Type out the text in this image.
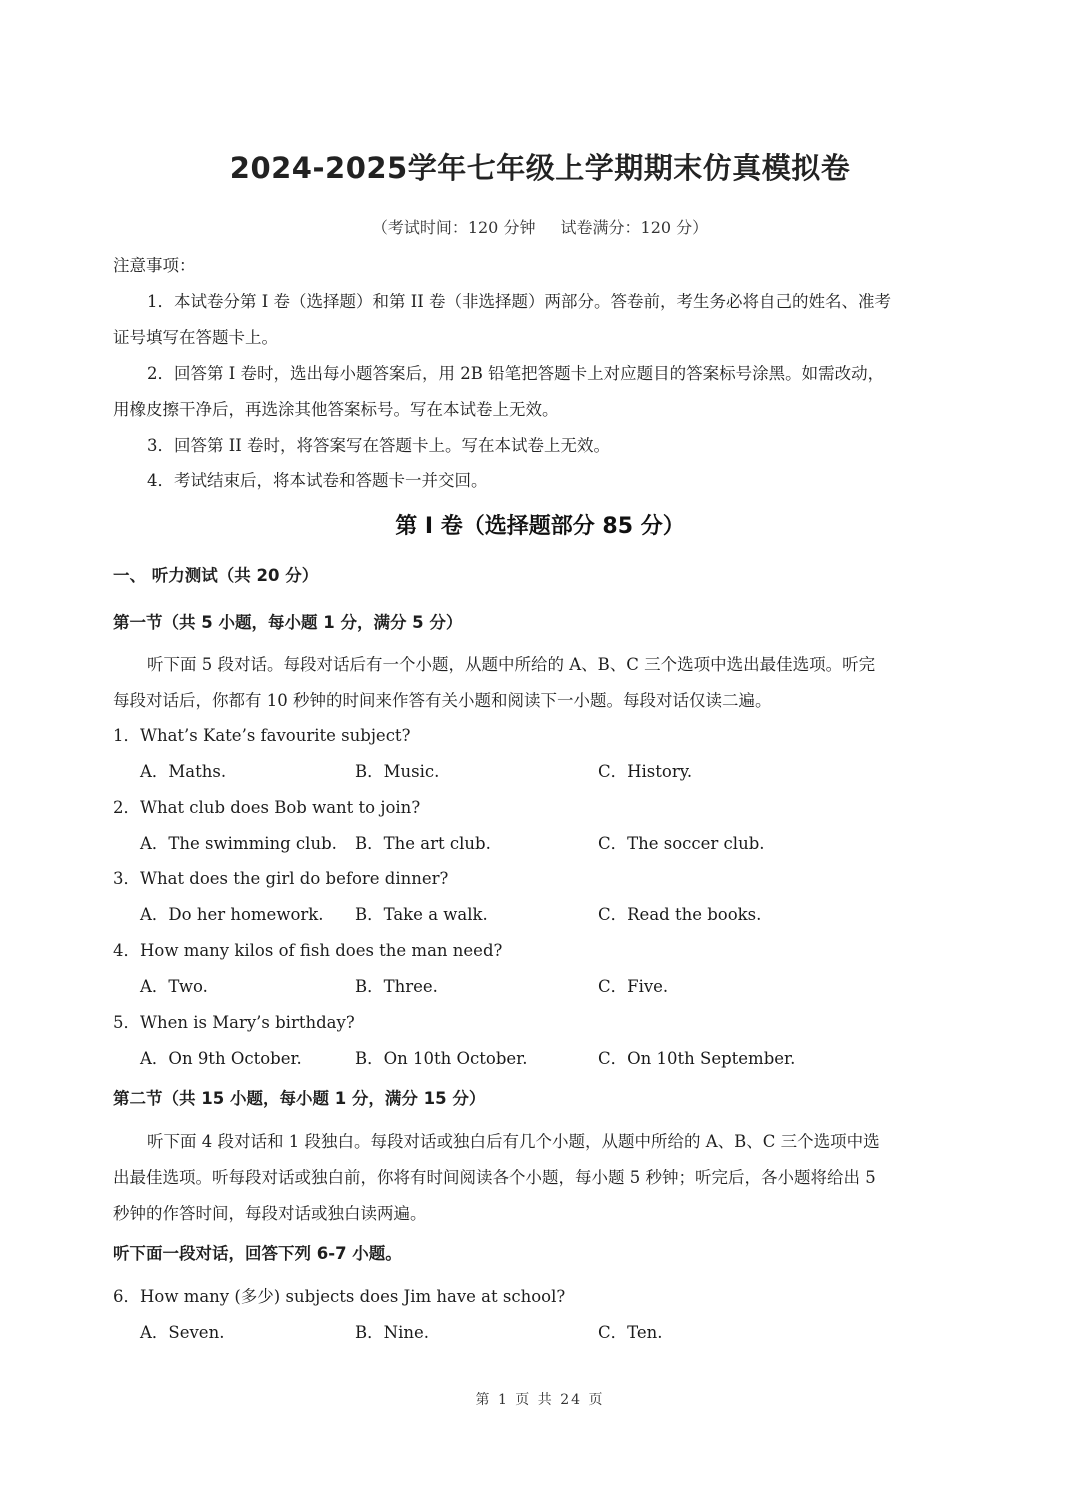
2024-2025学年七年级上学期期末仿真模拟卷
（考试时间：120 分钟 试卷满分：120 分）
注意事项：
1．本试卷分第 I 卷（选择题）和第 II 卷（非选择题）两部分。答卷前，考生务必将自己的姓名、准考
证号填写在答题卡上。
2．回答第 I 卷时，选出每小题答案后，用 2B 铅笔把答题卡上对应题目的答案标号涂黑。如需改动，
用橡皮擦干净后，再选涂其他答案标号。写在本试卷上无效。
3．回答第 II 卷时，将答案写在答题卡上。写在本试卷上无效。
4．考试结束后，将本试卷和答题卡一并交回。
第 I 卷（选择题部分 85 分）
一、 听力测试（共 20 分）
第一节（共 5 小题，每小题 1 分，满分 5 分）
听下面 5 段对话。每段对话后有一个小题，从题中所给的 A、B、C 三个选项中选出最佳选项。听完
每段对话后，你都有 10 秒钟的时间来作答有关小题和阅读下一小题。每段对话仅读二遍。
1．What’s Kate’s favourite subject?
A．Maths.	B．Music.	C．History.
2．What club does Bob want to join?
A．The swimming club. B．The art club.	C．The soccer club.
3．What does the girl do before dinner?
A．Do her homework. B．Take a walk.	C．Read the books.
4．How many kilos of fish does the man need?
A．Two.	B．Three.	C．Five.
5．When is Mary’s birthday?
A．On 9th October.	B．On 10th October.	C．On 10th September.
第二节（共 15 小题，每小题 1 分，满分 15 分）
听下面 4 段对话和 1 段独白。每段对话或独白后有几个小题，从题中所给的 A、B、C 三个选项中选
出最佳选项。听每段对话或独白前，你将有时间阅读各个小题，每小题 5 秒钟；听完后，各小题将给出 5
秒钟的作答时间，每段对话或独白读两遍。
听下面一段对话，回答下列 6-7 小题。
6．How many (多少) subjects does Jim have at school?
A．Seven.	B．Nine.	C．Ten.
第 1 页 共 24 页
